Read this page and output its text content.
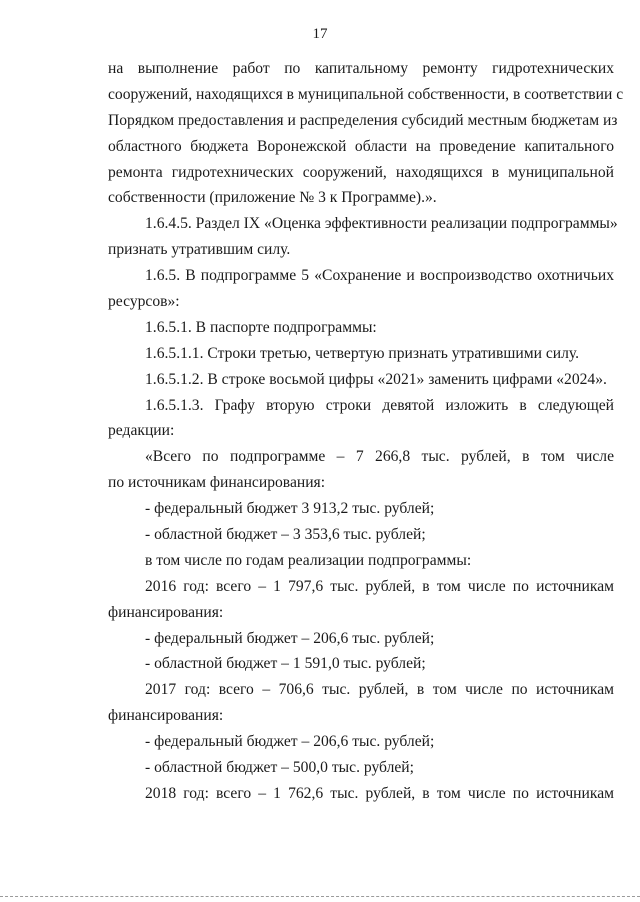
17
на выполнение работ по капитальному ремонту гидротехнических
сооружений, находящихся в муниципальной собственности, в соответствии с
Порядком предоставления и распределения субсидий местным бюджетам из
областного бюджета Воронежской области на проведение капитального
ремонта гидротехнических сооружений, находящихся в муниципальной
собственности (приложение № 3 к Программе).».
1.6.4.5. Раздел IX «Оценка эффективности реализации подпрограммы»
признать утратившим силу.
1.6.5. В подпрограмме 5 «Сохранение и воспроизводство охотничьих
ресурсов»:
1.6.5.1. В паспорте подпрограммы:
1.6.5.1.1. Строки третью, четвертую признать утратившими силу.
1.6.5.1.2. В строке восьмой цифры «2021» заменить цифрами «2024».
1.6.5.1.3. Графу вторую строки девятой изложить в следующей
редакции:
«Всего по подпрограмме – 7 266,8 тыс. рублей, в том числе
по источникам финансирования:
- федеральный бюджет 3 913,2 тыс. рублей;
- областной бюджет – 3 353,6 тыс. рублей;
в том числе по годам реализации подпрограммы:
2016 год: всего – 1 797,6 тыс. рублей, в том числе по источникам
финансирования:
- федеральный бюджет – 206,6 тыс. рублей;
- областной бюджет – 1 591,0 тыс. рублей;
2017 год: всего – 706,6 тыс. рублей, в том числе по источникам
финансирования:
- федеральный бюджет – 206,6 тыс. рублей;
- областной бюджет – 500,0 тыс. рублей;
2018 год: всего – 1 762,6 тыс. рублей, в том числе по источникам
